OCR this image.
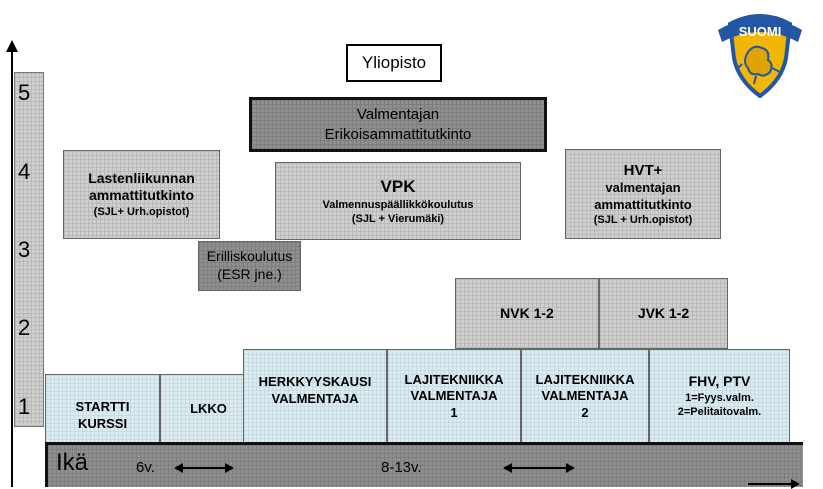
SUOMI
5
4
3
2
1
Yliopisto
Valmentajan
Erikoisammattitutkinto
Lastenliikunnan
ammattitutkinto
(SJL+ Urh.opistot)
VPK
Valmennuspäällikkökoulutus
(SJL + Vierumäki)
HVT+
valmentajan
ammattitutkinto
(SJL + Urh.opistot)
Erilliskoulutus
(ESR jne.)
NVK 1-2	JVK 1-2
STARTTI
KURSSI
LKKO
HERKKYYSKAUSI
VALMENTAJA
LAJITEKNIIKKA
VALMENTAJA
1
LAJITEKNIIKKA
VALMENTAJA
2
FHV, PTV
1=Fyys.valm.
2=Pelitaitovalm.
Ikä	6v.	8-13v.
